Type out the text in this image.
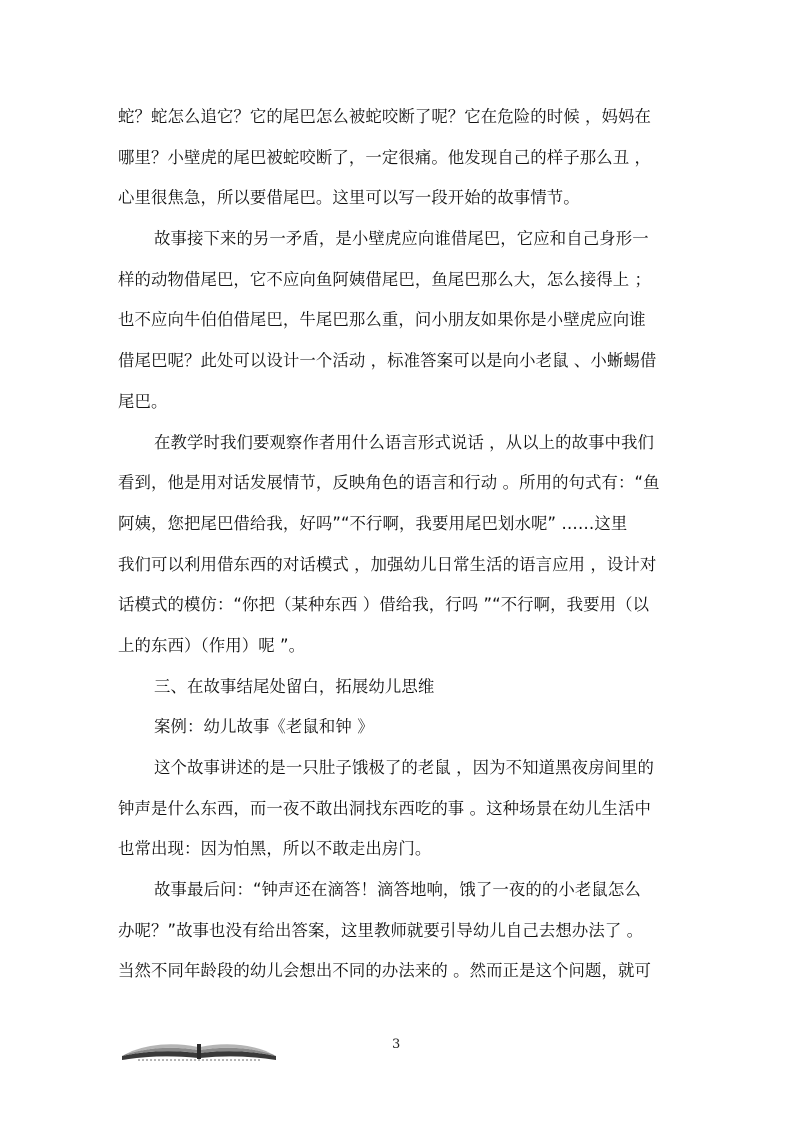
蛇？蛇怎么追它？它的尾巴怎么被蛇咬断了呢？它在危险的时候 ，妈妈在
哪里？小壁虎的尾巴被蛇咬断了，一定很痛。他发现自己的样子那么丑 ，
心里很焦急，所以要借尾巴。这里可以写一段开始的故事情节。
故事接下来的另一矛盾，是小壁虎应向谁借尾巴，它应和自己身形一
样的动物借尾巴，它不应向鱼阿姨借尾巴，鱼尾巴那么大，怎么接得上 ；
也不应向牛伯伯借尾巴，牛尾巴那么重，问小朋友如果你是小壁虎应向谁
借尾巴呢？此处可以设计一个活动 ，标准答案可以是向小老鼠 、小蜥蜴借
尾巴。
在教学时我们要观察作者用什么语言形式说话 ，从以上的故事中我们
看到，他是用对话发展情节，反映角色的语言和行动 。所用的句式有：“鱼
阿姨，您把尾巴借给我，好吗”“不行啊，我要用尾巴划水呢” ……这里
我们可以利用借东西的对话模式 ，加强幼儿日常生活的语言应用 ，设计对
话模式的模仿：“你把（某种东西 ）借给我，行吗 ”“不行啊，我要用（以
上的东西）（作用）呢 ”。
三、在故事结尾处留白，拓展幼儿思维
案例：幼儿故事《老鼠和钟 》
这个故事讲述的是一只肚子饿极了的老鼠 ，因为不知道黑夜房间里的
钟声是什么东西，而一夜不敢出洞找东西吃的事 。这种场景在幼儿生活中
也常出现：因为怕黑，所以不敢走出房门。
故事最后问：“钟声还在滴答！滴答地响，饿了一夜的的小老鼠怎么
办呢？”故事也没有给出答案，这里教师就要引导幼儿自己去想办法了 。
当然不同年龄段的幼儿会想出不同的办法来的 。然而正是这个问题，就可
3
